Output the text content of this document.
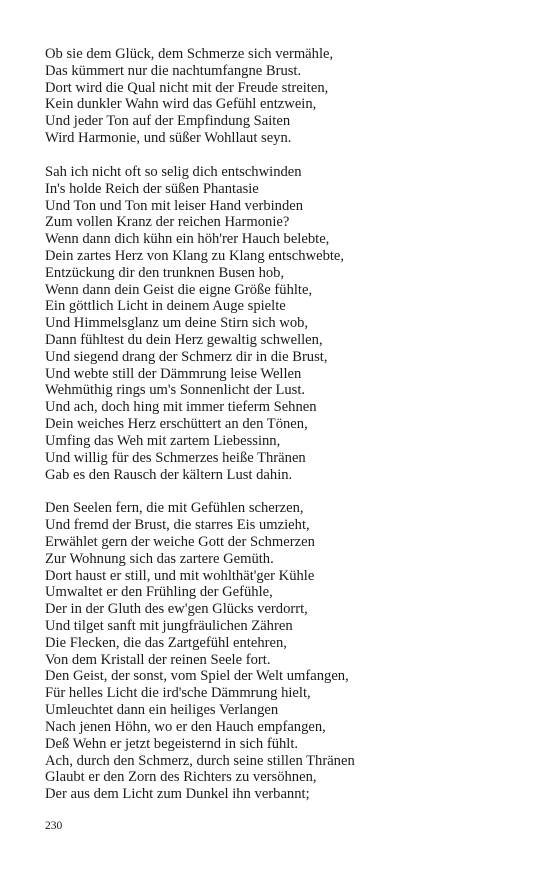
Ob sie dem Glück, dem Schmerze sich vermähle,
Das kümmert nur die nachtumfangne Brust.
Dort wird die Qual nicht mit der Freude streiten,
Kein dunkler Wahn wird das Gefühl entzwein,
Und jeder Ton auf der Empfindung Saiten
Wird Harmonie, und süßer Wohllaut seyn.
Sah ich nicht oft so selig dich entschwinden
In's holde Reich der süßen Phantasie
Und Ton und Ton mit leiser Hand verbinden
Zum vollen Kranz der reichen Harmonie?
Wenn dann dich kühn ein höh'rer Hauch belebte,
Dein zartes Herz von Klang zu Klang entschwebte,
Entzückung dir den trunknen Busen hob,
Wenn dann dein Geist die eigne Größe fühlte,
Ein göttlich Licht in deinem Auge spielte
Und Himmelsglanz um deine Stirn sich wob,
Dann fühltest du dein Herz gewaltig schwellen,
Und siegend drang der Schmerz dir in die Brust,
Und webte still der Dämmrung leise Wellen
Wehmüthig rings um's Sonnenlicht der Lust.
Und ach, doch hing mit immer tieferm Sehnen
Dein weiches Herz erschüttert an den Tönen,
Umfing das Weh mit zartem Liebessinn,
Und willig für des Schmerzes heiße Thränen
Gab es den Rausch der kältern Lust dahin.
Den Seelen fern, die mit Gefühlen scherzen,
Und fremd der Brust, die starres Eis umzieht,
Erwählet gern der weiche Gott der Schmerzen
Zur Wohnung sich das zartere Gemüth.
Dort haust er still, und mit wohlthät'ger Kühle
Umwaltet er den Frühling der Gefühle,
Der in der Gluth des ew'gen Glücks verdorrt,
Und tilget sanft mit jungfräulichen Zähren
Die Flecken, die das Zartgefühl entehren,
Von dem Kristall der reinen Seele fort.
Den Geist, der sonst, vom Spiel der Welt umfangen,
Für helles Licht die ird'sche Dämmrung hielt,
Umleuchtet dann ein heiliges Verlangen
Nach jenen Höhn, wo er den Hauch empfangen,
Deß Wehn er jetzt begeisternd in sich fühlt.
Ach, durch den Schmerz, durch seine stillen Thränen
Glaubt er den Zorn des Richters zu versöhnen,
Der aus dem Licht zum Dunkel ihn verbannt;
230
